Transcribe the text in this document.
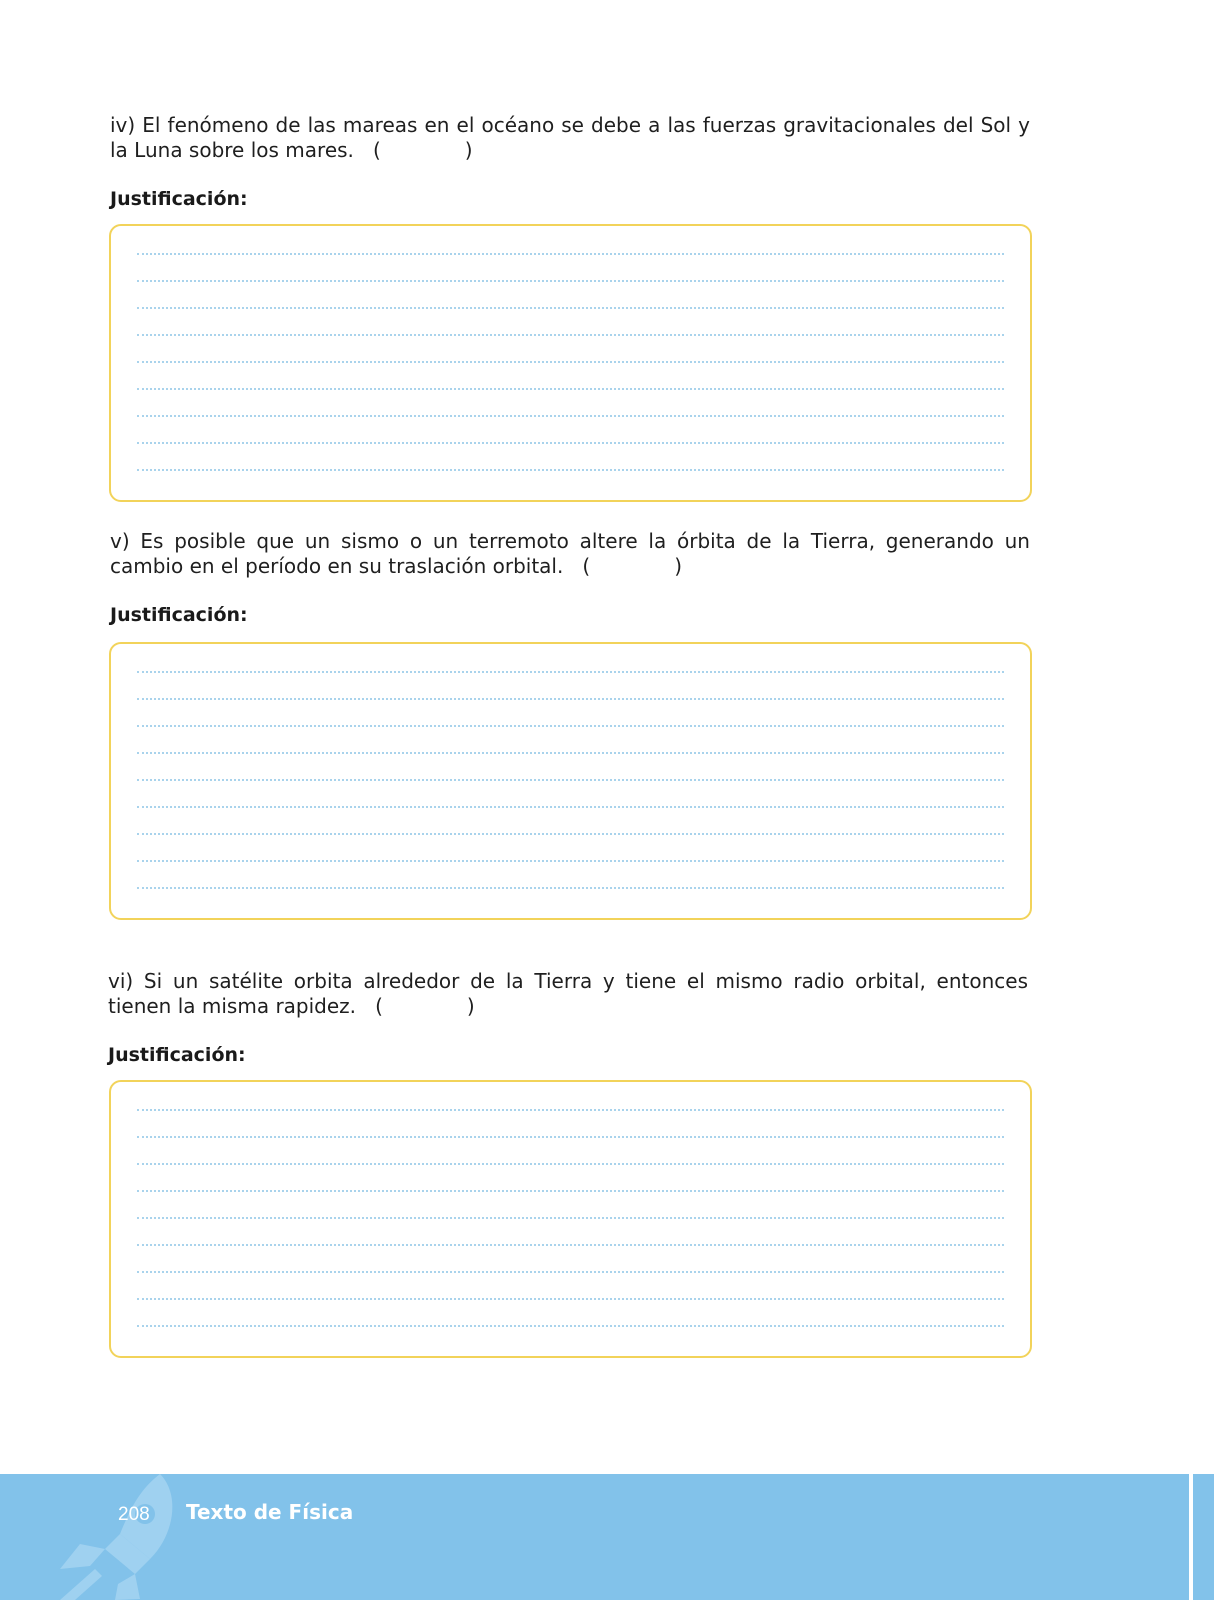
iv) El fenómeno de las mareas en el océano se debe a las fuerzas gravitacionales del Sol y la Luna sobre los mares. (	)
Justificación:
v) Es posible que un sismo o un terremoto altere la órbita de la Tierra, generando un cambio en el período en su traslación orbital. (	)
Justificación:
vi) Si un satélite orbita alrededor de la Tierra y tiene el mismo radio orbital, entonces tienen la misma rapidez. (	)
Justificación:
208 Texto de Física
